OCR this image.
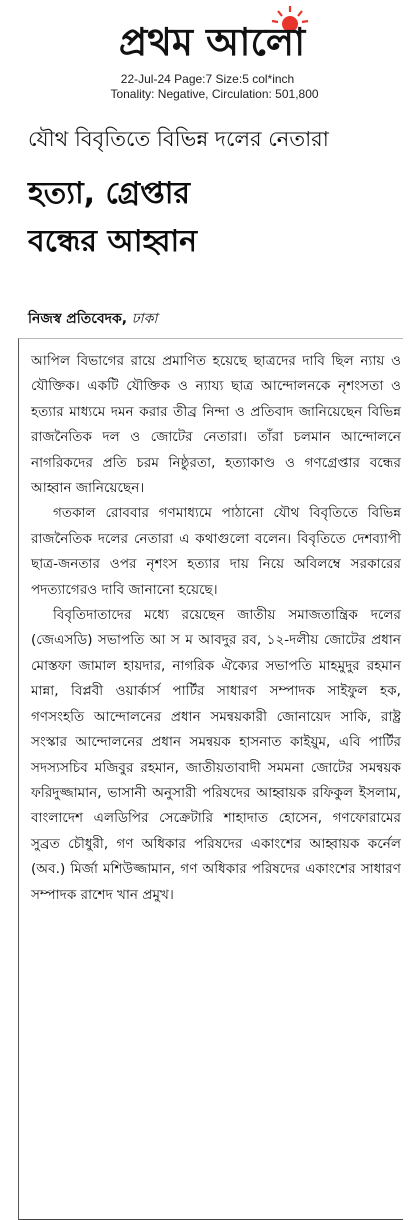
প্রথম আলো
22-Jul-24 Page:7 Size:5 col*inch
Tonality: Negative, Circulation: 501,800
যৌথ বিবৃতিতে বিভিন্ন দলের নেতারা
হত্যা, গ্রেপ্তার
বন্ধের আহ্বান
নিজস্ব প্রতিবেদক, ঢাকা

আপিল বিভাগের রায়ে প্রমাণিত হয়েছে ছাত্রদের দাবি ছিল ন্যায় ও যৌক্তিক। একটি যৌক্তিক ও ন্যায্য ছাত্র আন্দোলনকে নৃশংসতা ও হত্যার মাধ্যমে দমন করার তীব্র নিন্দা ও প্রতিবাদ জানিয়েছেন বিভিন্ন রাজনৈতিক দল ও জোটের নেতারা। তাঁরা চলমান আন্দোলনে নাগরিকদের প্রতি চরম নিষ্ঠুরতা, হত্যাকাণ্ড ও গণগ্রেপ্তার বন্ধের আহ্বান জানিয়েছেন।

গতকাল রোববার গণমাধ্যমে পাঠানো যৌথ বিবৃতিতে বিভিন্ন রাজনৈতিক দলের নেতারা এ কথাগুলো বলেন। বিবৃতিতে দেশব্যাপী ছাত্র-জনতার ওপর নৃশংস হত্যার দায় নিয়ে অবিলম্বে সরকারের পদত্যাগেরও দাবি জানানো হয়েছে।

বিবৃতিদাতাদের মধ্যে রয়েছেন জাতীয় সমাজতান্ত্রিক দলের (জেএসডি) সভাপতি আ স ম আবদুর রব, ১২-দলীয় জোটের প্রধান মোস্তফা জামাল হায়দার, নাগরিক ঐক্যের সভাপতি মাহমুদুর রহমান মান্না, বিপ্লবী ওয়ার্কার্স পার্টির সাধারণ সম্পাদক সাইফুল হক, গণসংহতি আন্দোলনের প্রধান সমন্বয়কারী জোনায়েদ সাকি, রাষ্ট্র সংস্কার আন্দোলনের প্রধান সমন্বয়ক হাসনাত কাইয়ুম, এবি পার্টির সদস্যসচিব মজিবুর রহমান, জাতীয়তাবাদী সমমনা জোটের সমন্বয়ক ফরিদুজ্জামান, ভাসানী অনুসারী পরিষদের আহ্বায়ক রফিকুল ইসলাম, বাংলাদেশ এলডিপির সেক্রেটারি শাহাদাত হোসেন, গণফোরামের সুব্রত চৌধুরী, গণ অধিকার পরিষদের একাংশের আহ্বায়ক কর্নেল (অব.) মির্জা মশিউজ্জামান, গণ অধিকার পরিষদের একাংশের সাধারণ সম্পাদক রাশেদ খান প্রমুখ।
